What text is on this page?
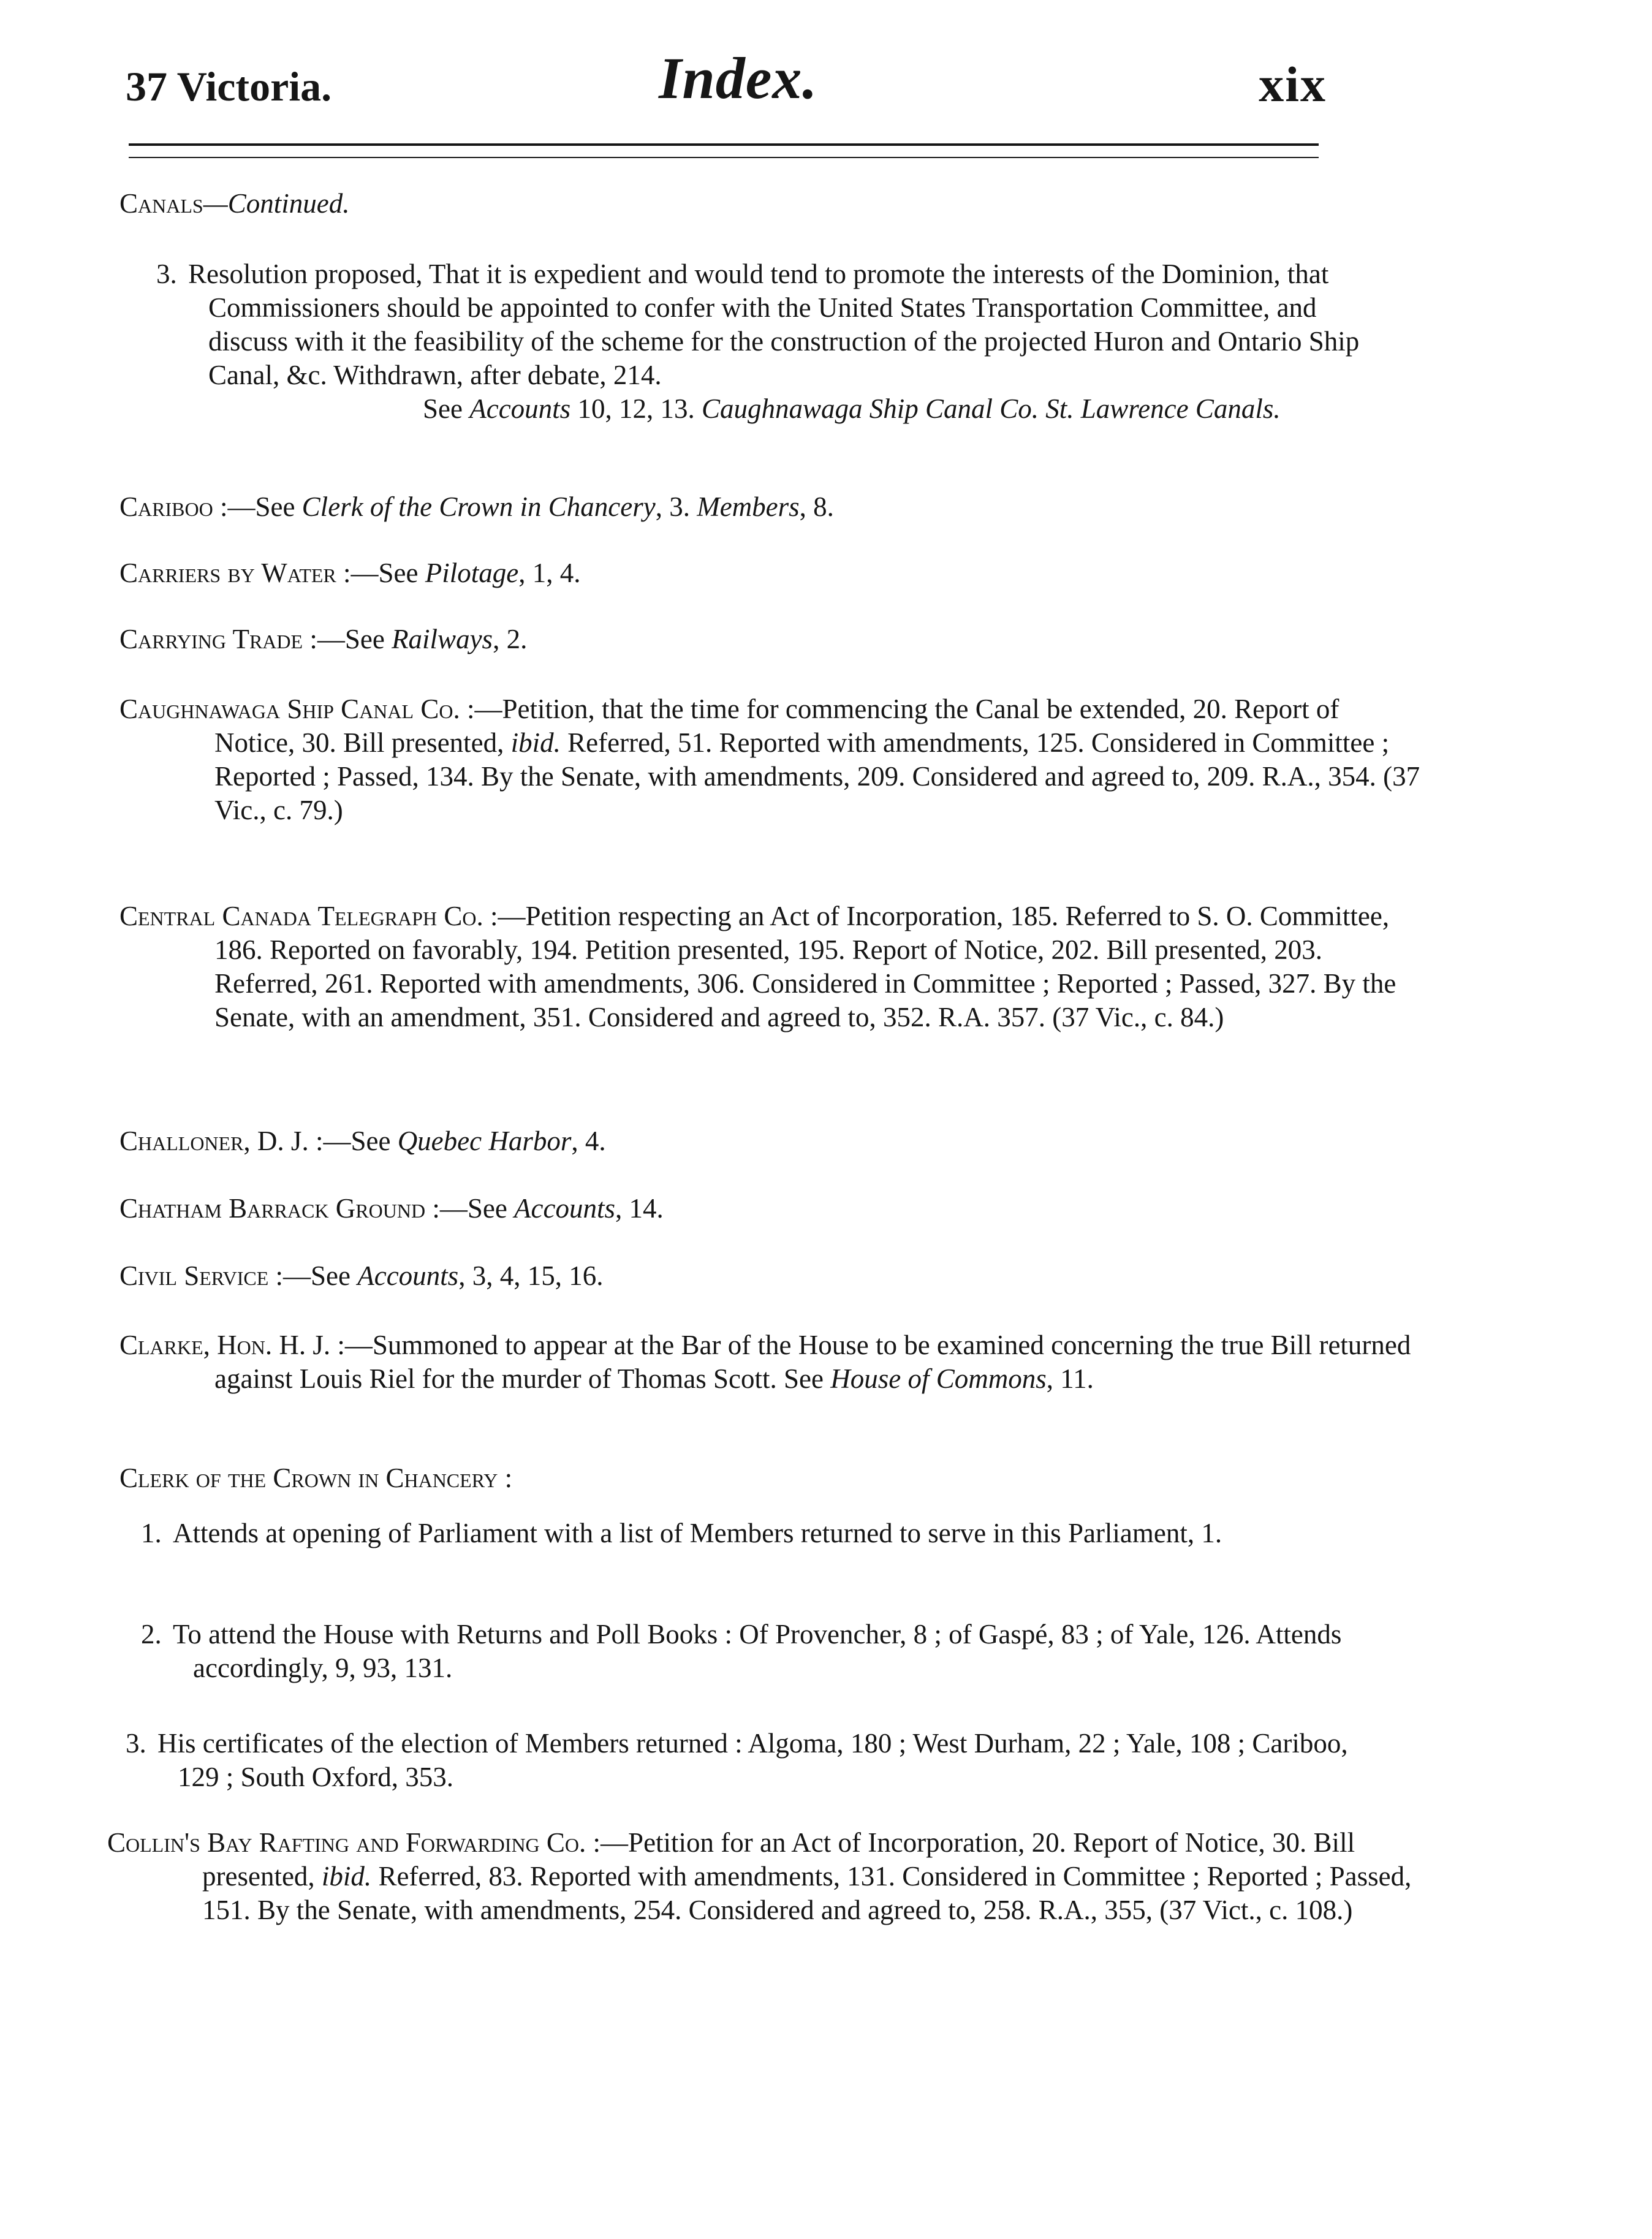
37 Victoria.	Index.	xix
Canals—Continued.
3. Resolution proposed, That it is expedient and would tend to promote the interests of the Dominion, that Commissioners should be appointed to confer with the United States Transportation Committee, and discuss with it the feasibility of the scheme for the construction of the projected Huron and Ontario Ship Canal, &c. Withdrawn, after debate, 214.
See Accounts 10, 12, 13. Caughnawaga Ship Canal Co. St. Lawrence Canals.
Cariboo :—See Clerk of the Crown in Chancery, 3. Members, 8.
Carriers by Water :—See Pilotage, 1, 4.
Carrying Trade :—See Railways, 2.
Caughnawaga Ship Canal Co. :—Petition, that the time for commencing the Canal be extended, 20. Report of Notice, 30. Bill presented, ibid. Referred, 51. Reported with amendments, 125. Considered in Committee ; Reported ; Passed, 134. By the Senate, with amendments, 209. Considered and agreed to, 209. R.A., 354. (37 Vic., c. 79.)
Central Canada Telegraph Co. :—Petition respecting an Act of Incorporation, 185. Referred to S. O. Committee, 186. Reported on favorably, 194. Petition presented, 195. Report of Notice, 202. Bill presented, 203. Referred, 261. Reported with amendments, 306. Considered in Committee ; Reported ; Passed, 327. By the Senate, with an amendment, 351. Considered and agreed to, 352. R.A. 357. (37 Vic., c. 84.)
Challoner, D. J. :—See Quebec Harbor, 4.
Chatham Barrack Ground :—See Accounts, 14.
Civil Service :—See Accounts, 3, 4, 15, 16.
Clarke, Hon. H. J. :—Summoned to appear at the Bar of the House to be examined concerning the true Bill returned against Louis Riel for the murder of Thomas Scott. See House of Commons, 11.
Clerk of the Crown in Chancery :
1. Attends at opening of Parliament with a list of Members returned to serve in this Parliament, 1.
2. To attend the House with Returns and Poll Books : Of Provencher, 8 ; of Gaspé, 83 ; of Yale, 126. Attends accordingly, 9, 93, 131.
3. His certificates of the election of Members returned : Algoma, 180 ; West Durham, 22 ; Yale, 108 ; Cariboo, 129 ; South Oxford, 353.
Collin's Bay Rafting and Forwarding Co. :—Petition for an Act of Incorporation, 20. Report of Notice, 30. Bill presented, ibid. Referred, 83. Reported with amendments, 131. Considered in Committee ; Reported ; Passed, 151. By the Senate, with amendments, 254. Considered and agreed to, 258. R.A., 355, (37 Vict., c. 108.)
